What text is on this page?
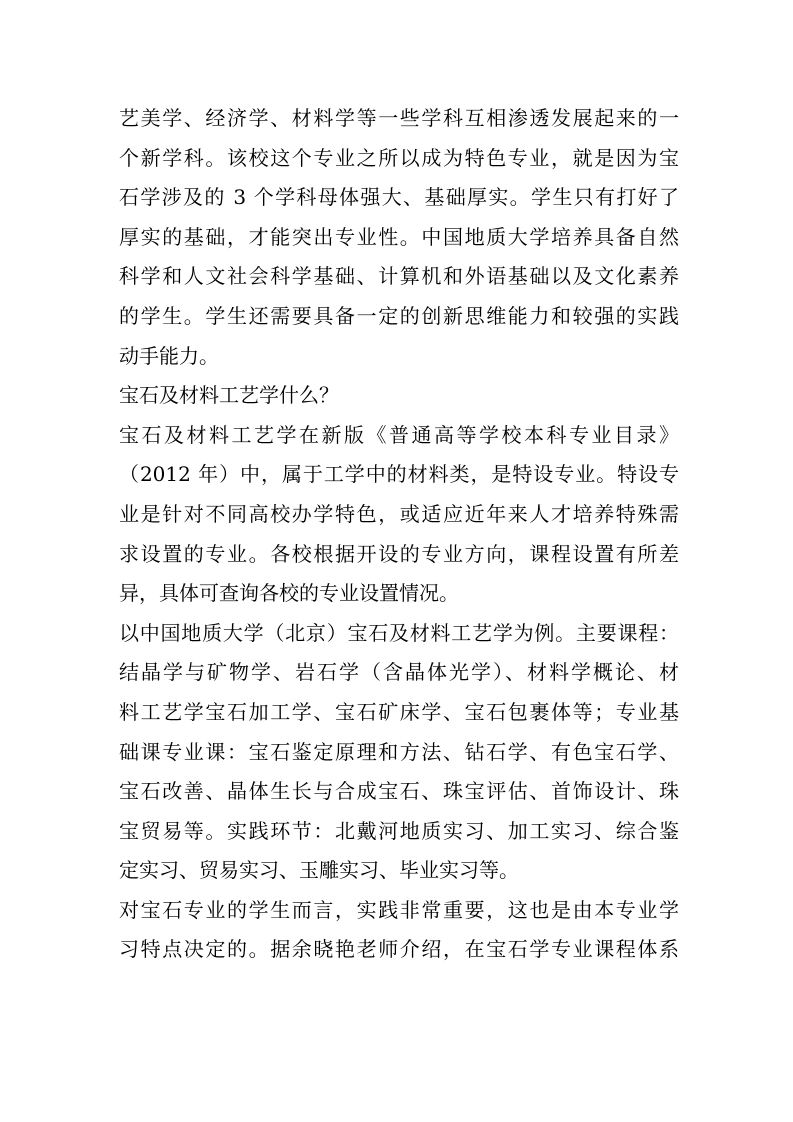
艺美学、经济学、材料学等一些学科互相渗透发展起来的一
个新学科。该校这个专业之所以成为特色专业，就是因为宝
石学涉及的 3 个学科母体强大、基础厚实。学生只有打好了
厚实的基础，才能突出专业性。中国地质大学培养具备自然
科学和人文社会科学基础、计算机和外语基础以及文化素养
的学生。学生还需要具备一定的创新思维能力和较强的实践
动手能力。
宝石及材料工艺学什么？
宝石及材料工艺学在新版《普通高等学校本科专业目录》
（2012 年）中，属于工学中的材料类，是特设专业。特设专
业是针对不同高校办学特色，或适应近年来人才培养特殊需
求设置的专业。各校根据开设的专业方向，课程设置有所差
异，具体可查询各校的专业设置情况。
以中国地质大学（北京）宝石及材料工艺学为例。主要课程：
结晶学与矿物学、岩石学（含晶体光学）、材料学概论、材
料工艺学宝石加工学、宝石矿床学、宝石包裹体等；专业基
础课专业课：宝石鉴定原理和方法、钻石学、有色宝石学、
宝石改善、晶体生长与合成宝石、珠宝评估、首饰设计、珠
宝贸易等。实践环节：北戴河地质实习、加工实习、综合鉴
定实习、贸易实习、玉雕实习、毕业实习等。
对宝石专业的学生而言，实践非常重要，这也是由本专业学
习特点决定的。据余晓艳老师介绍，在宝石学专业课程体系
